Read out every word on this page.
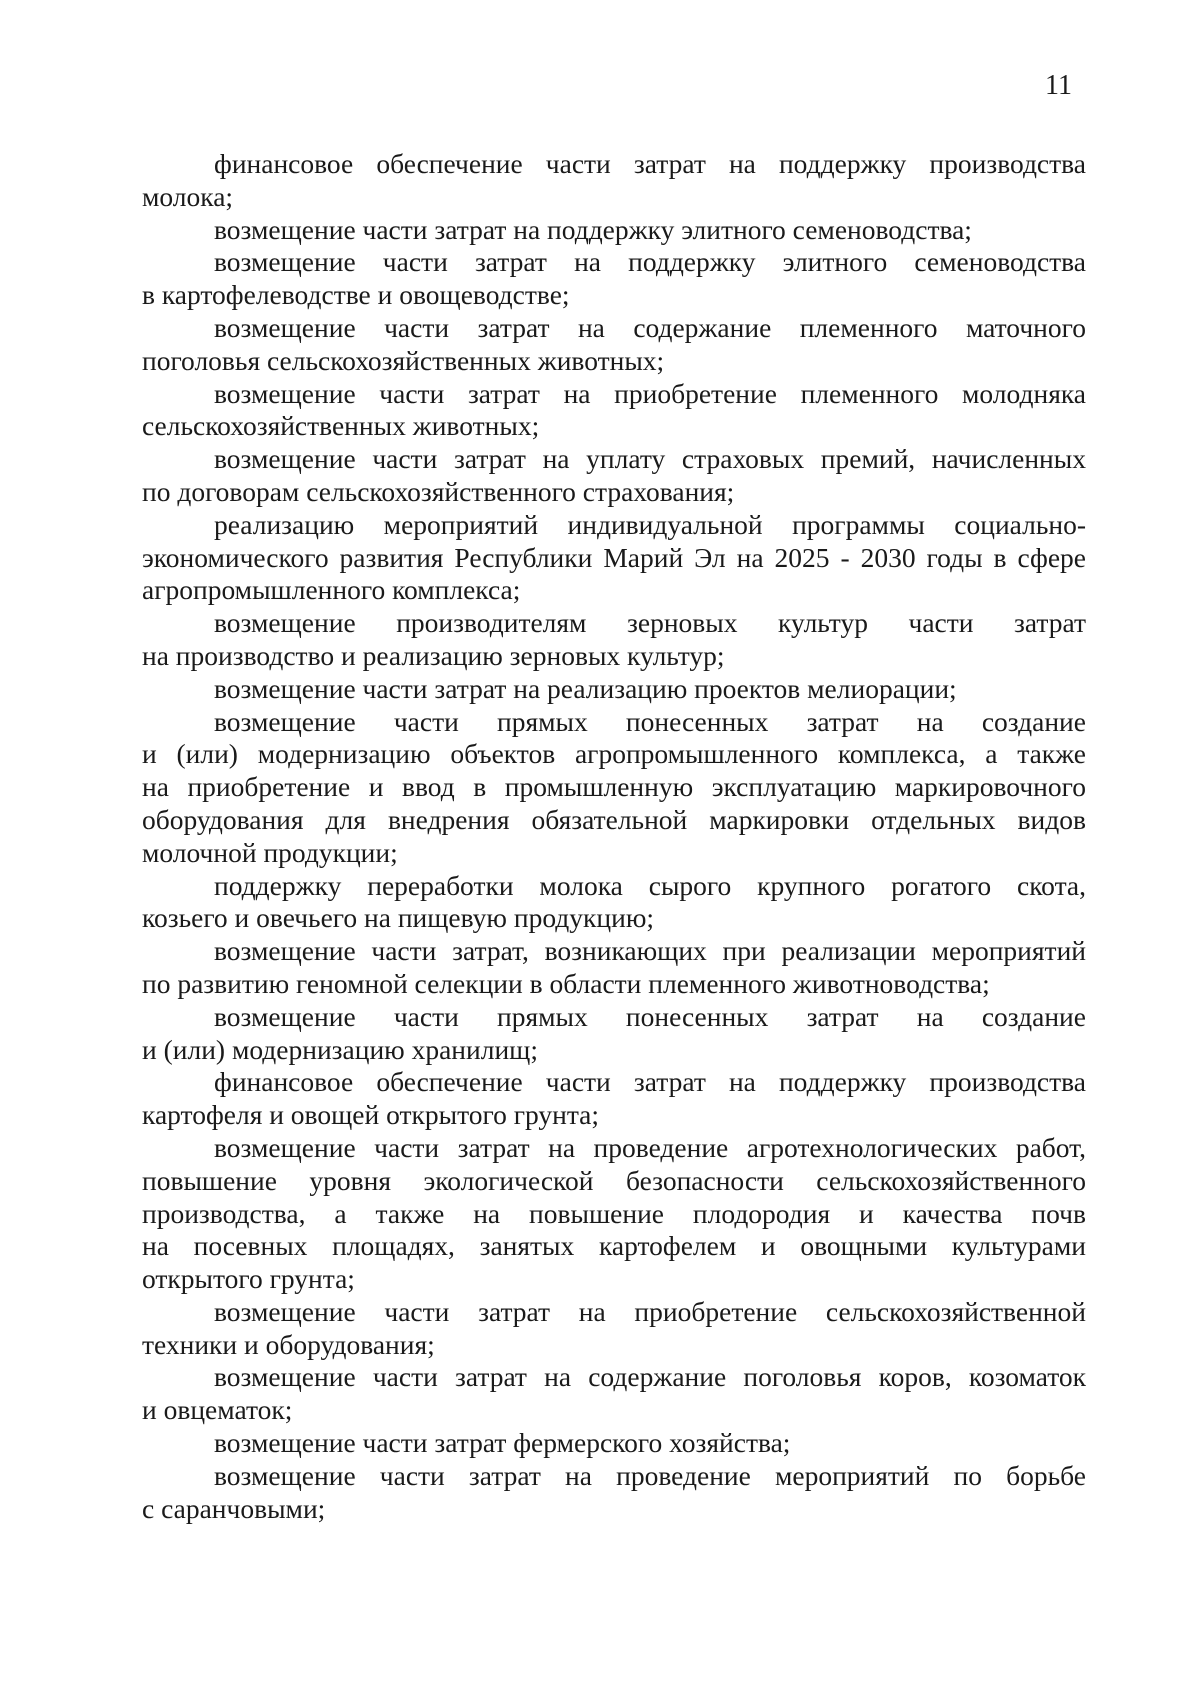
11
финансовое обеспечение части затрат на поддержку производства
молока;
возмещение части затрат на поддержку элитного семеноводства;
возмещение части затрат на поддержку элитного семеноводства
в картофелеводстве и овощеводстве;
возмещение части затрат на содержание племенного маточного
поголовья сельскохозяйственных животных;
возмещение части затрат на приобретение племенного молодняка
сельскохозяйственных животных;
возмещение части затрат на уплату страховых премий, начисленных
по договорам сельскохозяйственного страхования;
реализацию мероприятий индивидуальной программы социально-
экономического развития Республики Марий Эл на 2025 - 2030 годы в сфере
агропромышленного комплекса;
возмещение производителям зерновых культур части затрат
на производство и реализацию зерновых культур;
возмещение части затрат на реализацию проектов мелиорации;
возмещение части прямых понесенных затрат на создание
и (или) модернизацию объектов агропромышленного комплекса, а также
на приобретение и ввод в промышленную эксплуатацию маркировочного
оборудования для внедрения обязательной маркировки отдельных видов
молочной продукции;
поддержку переработки молока сырого крупного рогатого скота,
козьего и овечьего на пищевую продукцию;
возмещение части затрат, возникающих при реализации мероприятий
по развитию геномной селекции в области племенного животноводства;
возмещение части прямых понесенных затрат на создание
и (или) модернизацию хранилищ;
финансовое обеспечение части затрат на поддержку производства
картофеля и овощей открытого грунта;
возмещение части затрат на проведение агротехнологических работ,
повышение уровня экологической безопасности сельскохозяйственного
производства, а также на повышение плодородия и качества почв
на посевных площадях, занятых картофелем и овощными культурами
открытого грунта;
возмещение части затрат на приобретение сельскохозяйственной
техники и оборудования;
возмещение части затрат на содержание поголовья коров, козоматок
и овцематок;
возмещение части затрат фермерского хозяйства;
возмещение части затрат на проведение мероприятий по борьбе
с саранчовыми;
